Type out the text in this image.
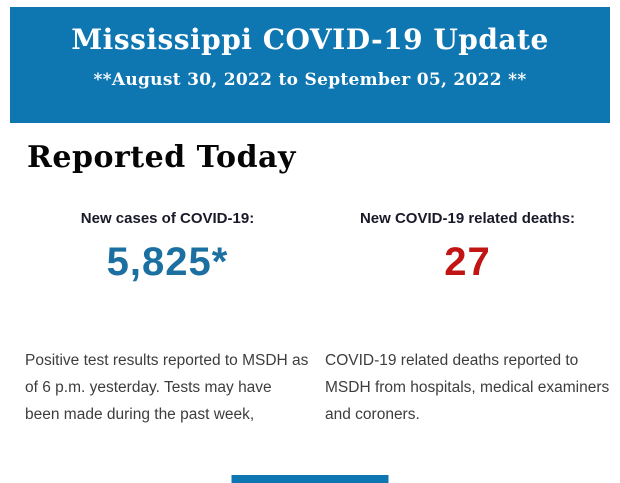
Mississippi COVID-19 Update

**August 30, 2022 to September 05, 2022 **

Reported Today

New cases of COVID-19:

5,825*

Positive test results reported to MSDH as of 6 p.m. yesterday. Tests may have been made during the past week,

New COVID-19 related deaths:

27

COVID-19 related deaths reported to MSDH from hospitals, medical examiners and coroners.
